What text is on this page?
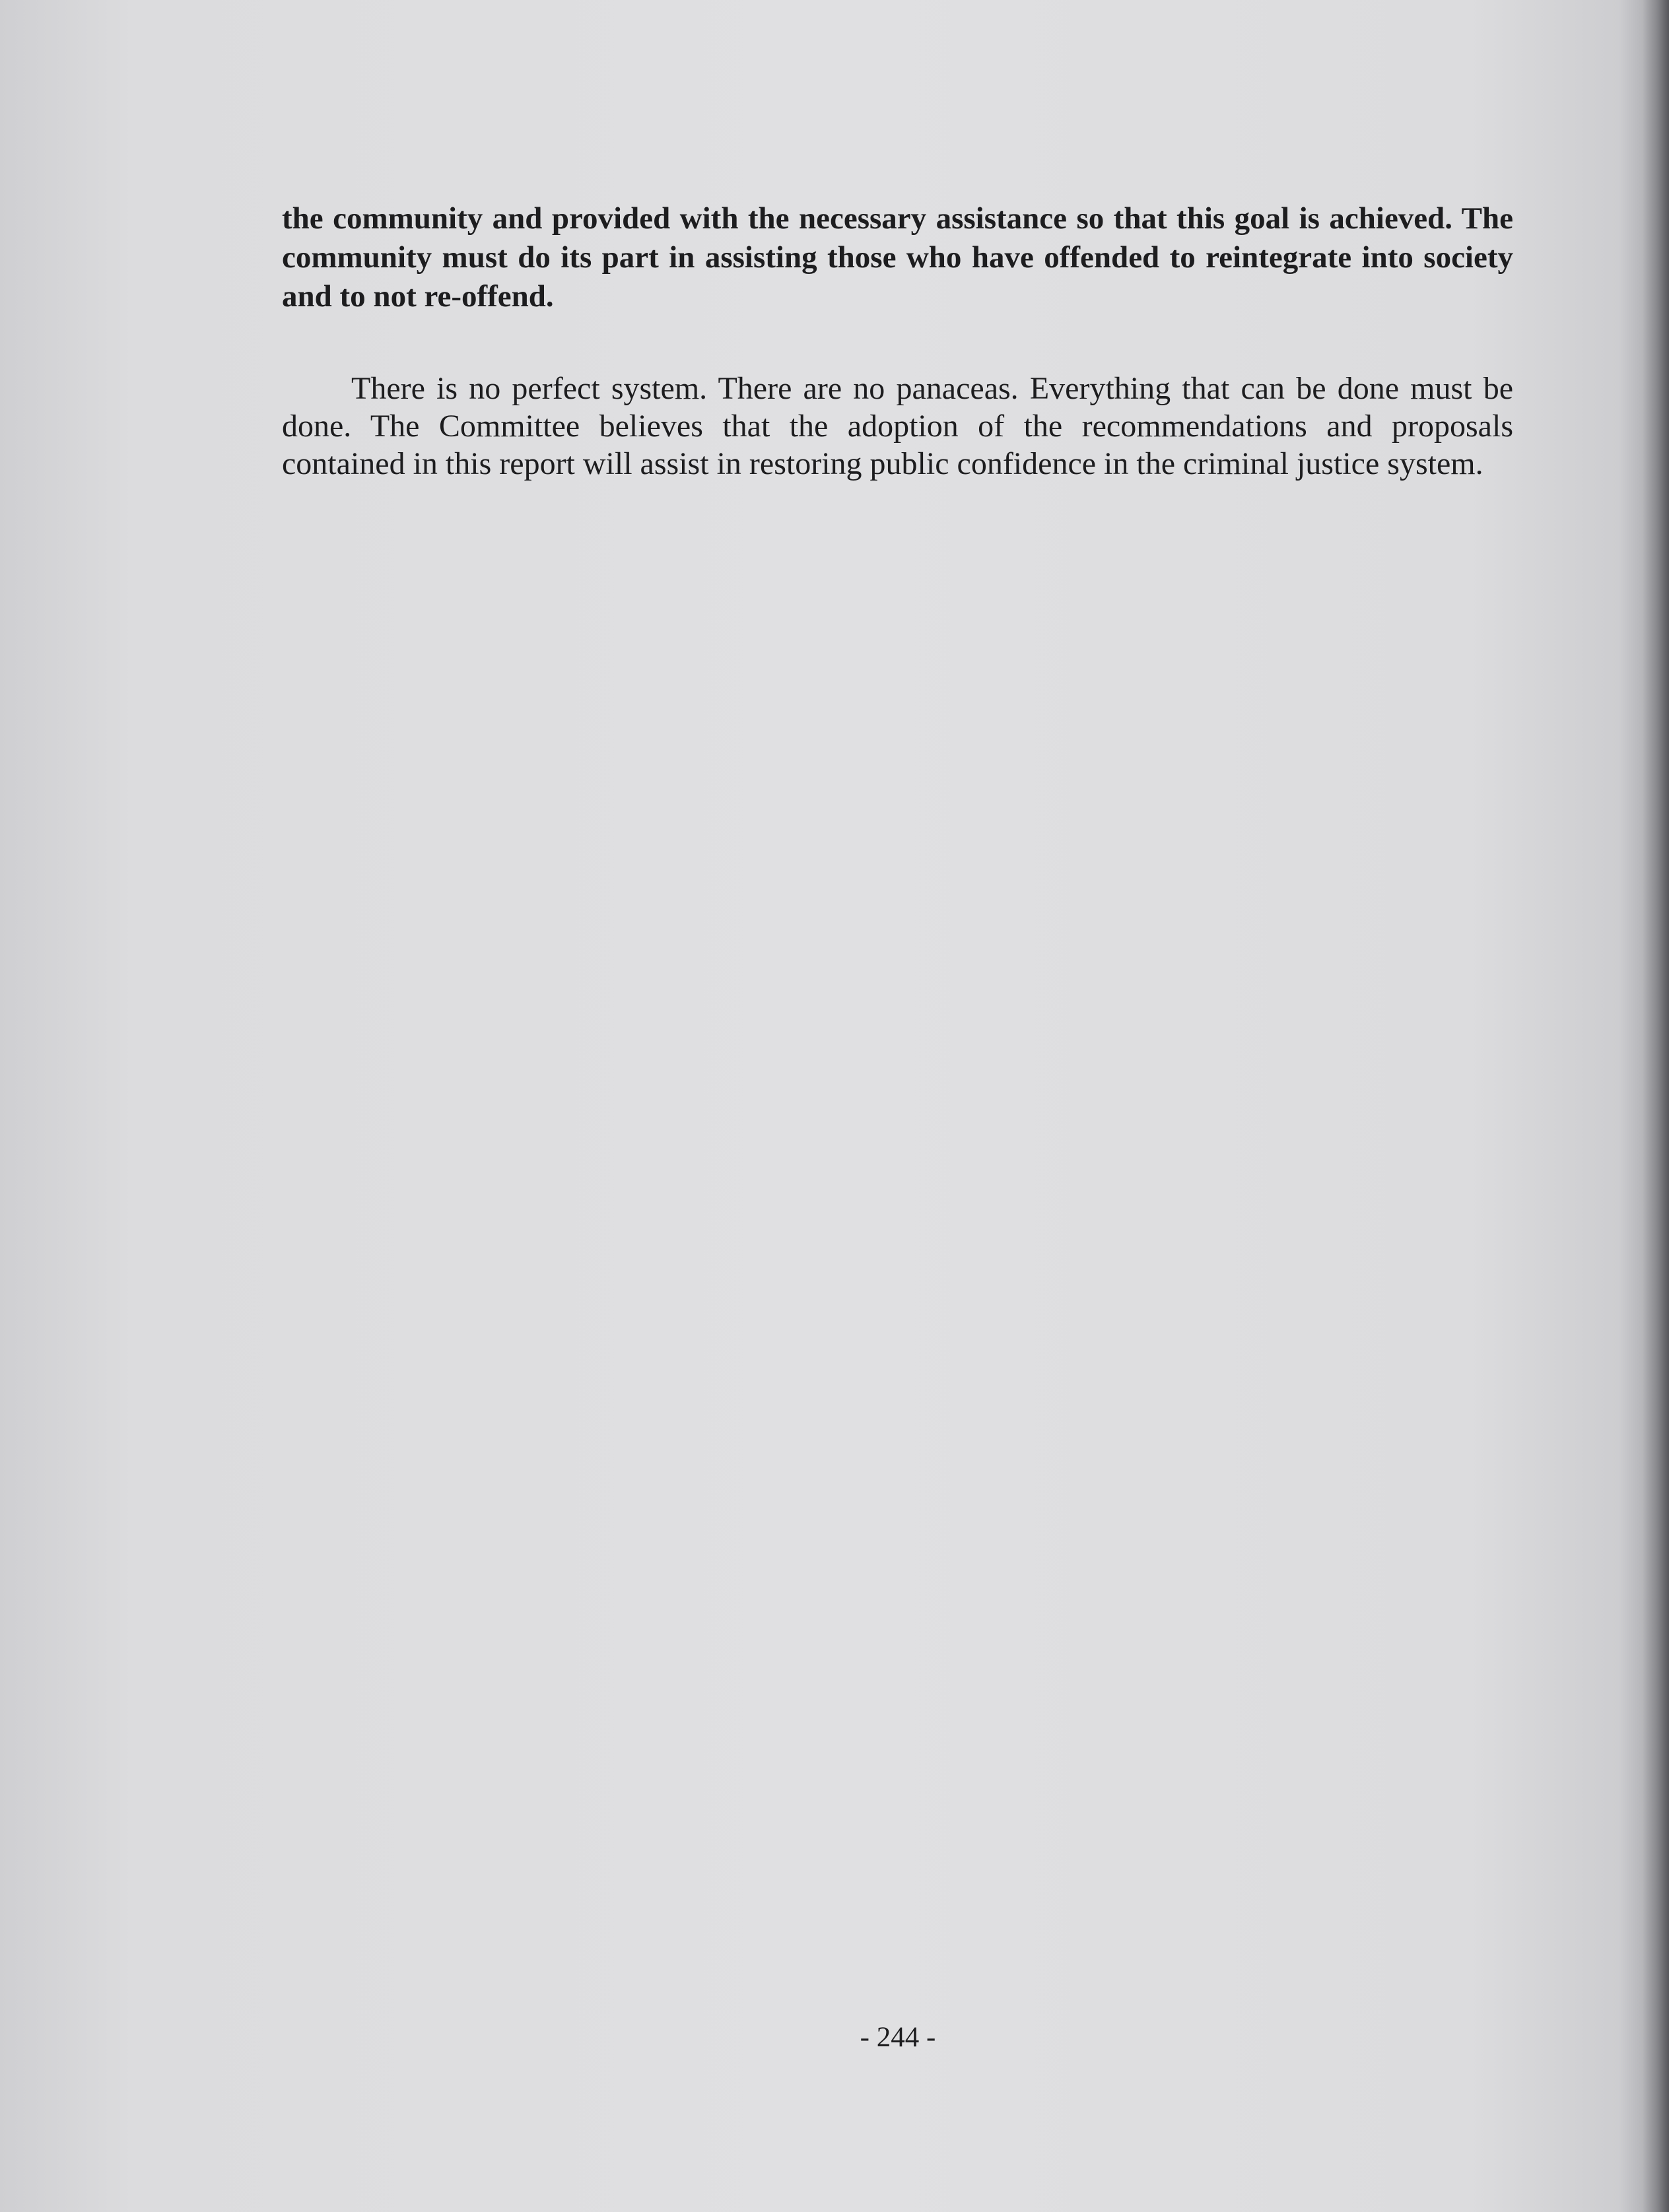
the community and provided with the necessary assistance so that this goal is achieved. The community must do its part in assisting those who have offended to reintegrate into society and to not re-offend.

There is no perfect system. There are no panaceas. Everything that can be done must be done. The Committee believes that the adoption of the recommendations and proposals contained in this report will assist in restoring public confidence in the criminal justice system.

- 244 -
